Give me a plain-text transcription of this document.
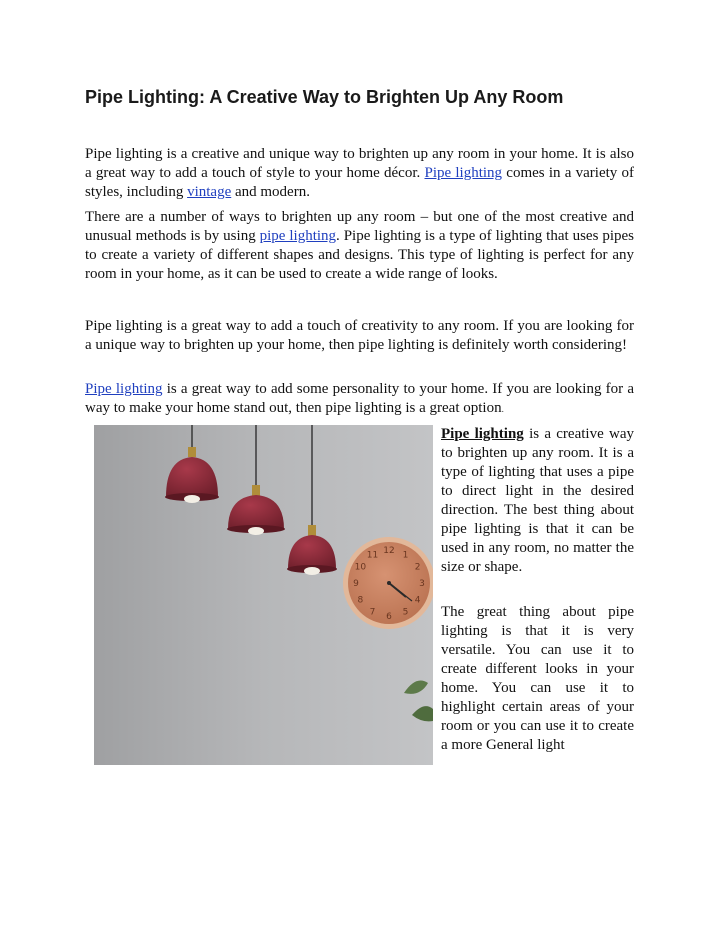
Pipe Lighting: A Creative Way to Brighten Up Any Room

Pipe lighting is a creative and unique way to brighten up any room in your home. It is also a great way to add a touch of style to your home décor. Pipe lighting comes in a variety of styles, including vintage and modern.

There are a number of ways to brighten up any room – but one of the most creative and unusual methods is by using pipe lighting. Pipe lighting is a type of lighting that uses pipes to create a variety of different shapes and designs. This type of lighting is perfect for any room in your home, as it can be used to create a wide range of looks.

Pipe lighting is a great way to add a touch of creativity to any room. If you are looking for a unique way to brighten up your home, then pipe lighting is definitely worth considering!

Pipe lighting is a great way to add some personality to your home. If you are looking for a way to make your home stand out, then pipe lighting is a great option.

12 1
2
3
4
5
6
7
8
9
10
11

Pipe lighting is a creative way to brighten up any room. It is a type of lighting that uses a pipe to direct light in the desired direction. The best thing about pipe lighting is that it can be used in any room, no matter the size or shape.

The great thing about pipe lighting is that it is very versatile. You can use it to create different looks in your home. You can use it to highlight certain areas of your room or you can use it to create a more General light
